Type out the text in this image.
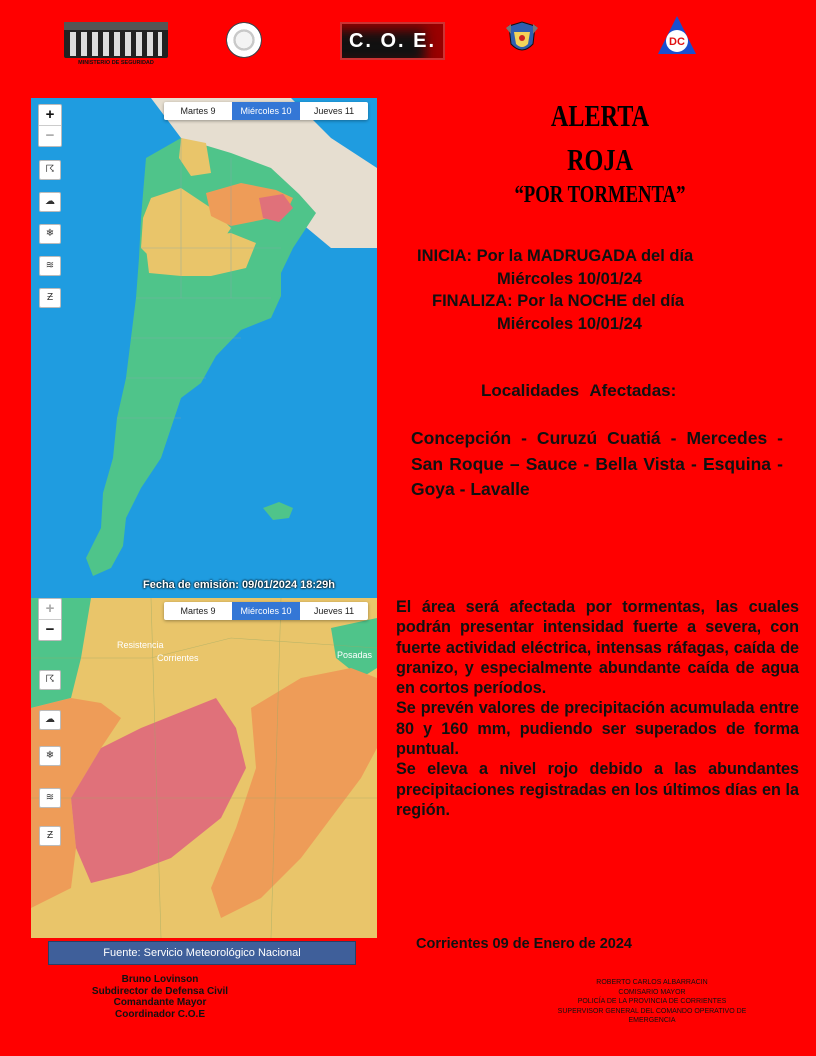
MINISTERIO DE SEGURIDAD
C. O. E.	DC
Martes 9	Miércoles 10	Jueves 11
+
−
☈
☁
❄
≋
Ƶ
Fecha de emisión: 09/01/2024 18:29h
Resistencia
Corrientes	Posadas
Martes 9	Miércoles 10	Jueves 11
+
−
☈
☁
❄
≋
Ƶ
Fuente: Servicio Meteorológico Nacional
ALERTA
ROJA
“POR TORMENTA”
INICIA: Por la MADRUGADA del día
Miércoles 10/01/24
FINALIZA: Por la NOCHE del día
Miércoles 10/01/24
Localidades Afectadas:
Concepción - Curuzú Cuatiá - Mercedes - San Roque – Sauce - Bella Vista - Esquina - Goya - Lavalle

El área será afectada por tormentas, las cuales podrán presentar intensidad fuerte a severa, con fuerte actividad eléctrica, intensas ráfagas, caída de granizo, y especialmente abundante caída de agua en cortos períodos.

Se prevén valores de precipitación acumulada entre 80 y 160 mm, pudiendo ser superados de forma puntual.

Se eleva a nivel rojo debido a las abundantes precipitaciones registradas en los últimos días en la región.

Corrientes 09 de Enero de 2024
Bruno Lovinson
Subdirector de Defensa Civil
Comandante Mayor
Coordinador C.O.E
ROBERTO CARLOS ALBARRACIN
COMISARIO MAYOR
POLICÍA DE LA PROVINCIA DE CORRIENTES
SUPERVISOR GENERAL DEL COMANDO OPERATIVO DE
EMERGENCIA
